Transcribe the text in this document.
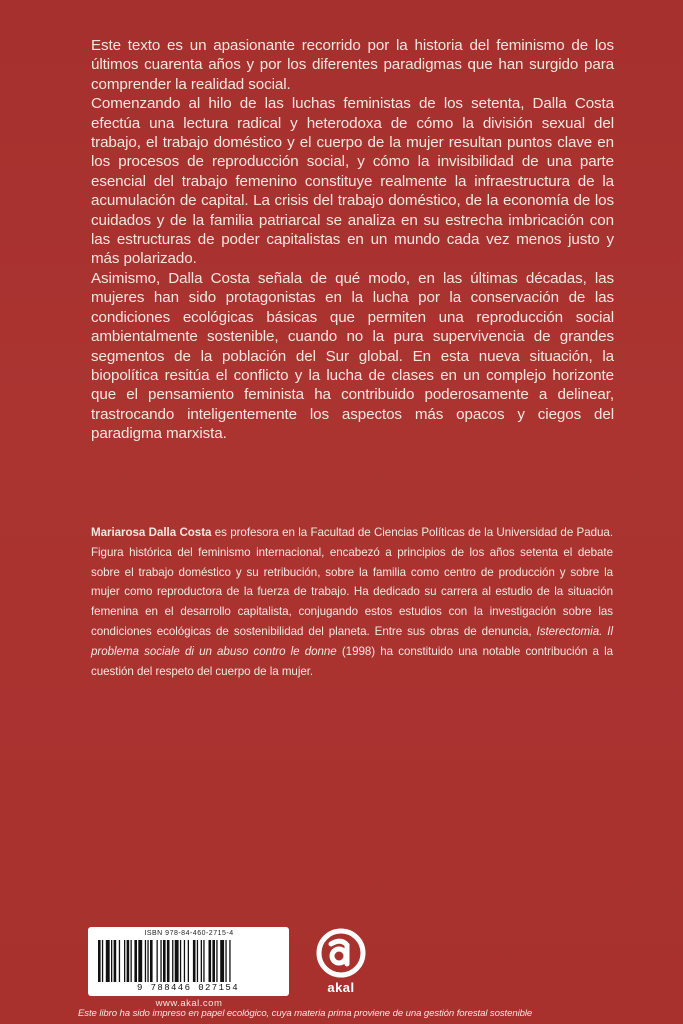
Este texto es un apasionante recorrido por la historia del feminismo de los últimos cuarenta años y por los diferentes paradigmas que han surgido para comprender la realidad social.

Comenzando al hilo de las luchas feministas de los setenta, Dalla Costa efectúa una lectura radical y heterodoxa de cómo la división sexual del trabajo, el trabajo doméstico y el cuerpo de la mujer resultan puntos clave en los procesos de reproducción social, y cómo la invisibilidad de una parte esencial del trabajo femenino constituye realmente la infraestructura de la acumulación de capital. La crisis del trabajo doméstico, de la economía de los cuidados y de la familia patriarcal se analiza en su estrecha imbricación con las estructuras de poder capitalistas en un mundo cada vez menos justo y más polarizado.

Asimismo, Dalla Costa señala de qué modo, en las últimas décadas, las mujeres han sido protagonistas en la lucha por la conservación de las condiciones ecológicas básicas que permiten una reproducción social ambientalmente sostenible, cuando no la pura supervivencia de grandes segmentos de la población del Sur global. En esta nueva situación, la biopolítica resitúa el conflicto y la lucha de clases en un complejo horizonte que el pensamiento feminista ha contribuido poderosamente a delinear, trastrocando inteligentemente los aspectos más opacos y ciegos del paradigma marxista.

Mariarosa Dalla Costa es profesora en la Facultad de Ciencias Políticas de la Universidad de Padua. Figura histórica del feminismo internacional, encabezó a principios de los años setenta el debate sobre el trabajo doméstico y su retribución, sobre la familia como centro de producción y sobre la mujer como reproductora de la fuerza de trabajo. Ha dedicado su carrera al estudio de la situación femenina en el desarrollo capitalista, conjugando estos estudios con la investigación sobre las condiciones ecológicas de sostenibilidad del planeta. Entre sus obras de denuncia, Isterectomia. Il problema sociale di un abuso contro le donne (1998) ha constituido una notable contribución a la cuestión del respeto del cuerpo de la mujer.

ISBN 978-84-460-2715-4
9 788446 027154	akal
www.akal.com
Este libro ha sido impreso en papel ecológico, cuya materia prima proviene de una gestión forestal sostenible
